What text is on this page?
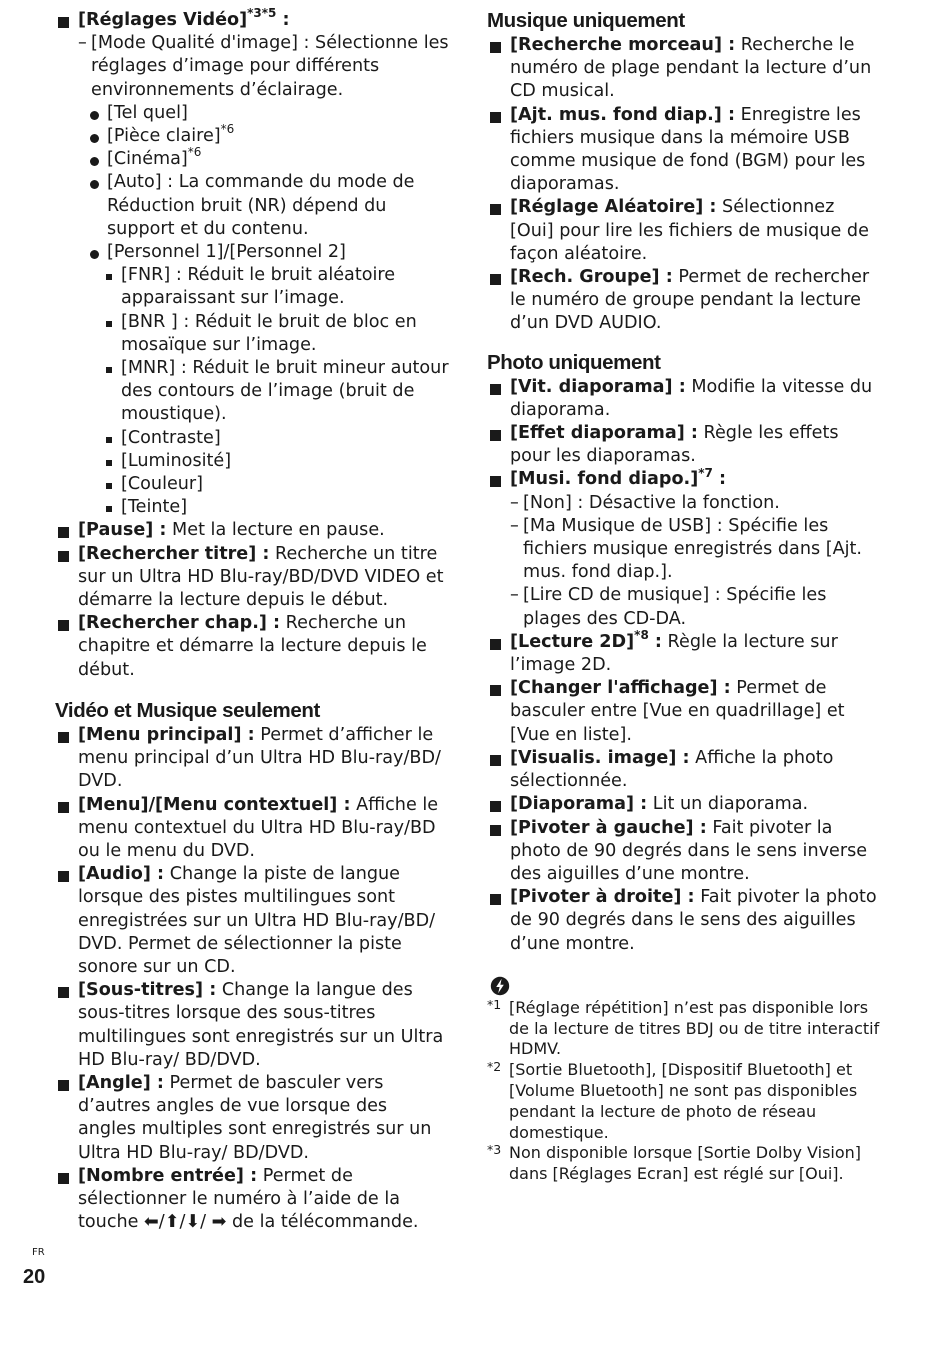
[Réglages Vidéo]$^{*3*5}$ :
– [Mode Qualité d'image] : Sélectionne les réglages d’image pour différents environnements d’éclairage.
[Tel quel]
[Pièce claire]$^{*6}$
[Cinéma]$^{*6}$
[Auto] : La commande du mode de Réduction bruit (NR) dépend du support et du contenu.
[Personnel 1]/[Personnel 2]
[FNR] : Réduit le bruit aléatoire apparaissant sur l’image.
[BNR ] : Réduit le bruit de bloc en mosaïque sur l’image.
[MNR] : Réduit le bruit mineur autour des contours de l’image (bruit de moustique).
[Contraste]
[Luminosité]
[Couleur]
[Teinte]
[Pause] : Met la lecture en pause.
[Rechercher titre] : Recherche un titre sur un Ultra HD Blu-ray/BD/DVD VIDEO et démarre la lecture depuis le début.
[Rechercher chap.] : Recherche un chapitre et démarre la lecture depuis le début.
Vidéo et Musique seulement
[Menu principal] : Permet d’afficher le menu principal d’un Ultra HD Blu-ray/BD/ DVD.
[Menu]/[Menu contextuel] : Affiche le menu contextuel du Ultra HD Blu-ray/BD ou le menu du DVD.
[Audio] : Change la piste de langue lorsque des pistes multilingues sont enregistrées sur un Ultra HD Blu-ray/BD/ DVD. Permet de sélectionner la piste sonore sur un CD.
[Sous-titres] : Change la langue des sous-titres lorsque des sous-titres multilingues sont enregistrés sur un Ultra HD Blu-ray/ BD/DVD.
[Angle] : Permet de basculer vers d’autres angles de vue lorsque des angles multiples sont enregistrés sur un Ultra HD Blu-ray/ BD/DVD.
[Nombre entrée] : Permet de sélectionner le numéro à l’aide de la touche ⬅/⬆/⬇/ ➡ de la télécommande.
Musique uniquement
[Recherche morceau] : Recherche le numéro de plage pendant la lecture d’un CD musical.
[Ajt. mus. fond diap.] : Enregistre les fichiers musique dans la mémoire USB comme musique de fond (BGM) pour les diaporamas.
[Réglage Aléatoire] : Sélectionnez [Oui] pour lire les fichiers de musique de façon aléatoire.
[Rech. Groupe] : Permet de rechercher le numéro de groupe pendant la lecture d’un DVD AUDIO.
Photo uniquement
[Vit. diaporama] : Modifie la vitesse du diaporama.
[Effet diaporama] : Règle les effets pour les diaporamas.
[Musi. fond diapo.]$^{*7}$ :
– [Non] : Désactive la fonction.
– [Ma Musique de USB] : Spécifie les fichiers musique enregistrés dans [Ajt. mus. fond diap.].
– [Lire CD de musique] : Spécifie les plages des CD-DA.
[Lecture 2D]$^{*8}$ : Règle la lecture sur l’image 2D.
[Changer l'affichage] : Permet de basculer entre [Vue en quadrillage] et [Vue en liste].
[Visualis. image] : Affiche la photo sélectionnée.
[Diaporama] : Lit un diaporama.
[Pivoter à gauche] : Fait pivoter la photo de 90 degrés dans le sens inverse des aiguilles d’une montre.
[Pivoter à droite] : Fait pivoter la photo de 90 degrés dans le sens des aiguilles d’une montre.
*1 [Réglage répétition] n’est pas disponible lors de la lecture de titres BDJ ou de titre interactif HDMV.
*2 [Sortie Bluetooth], [Dispositif Bluetooth] et [Volume Bluetooth] ne sont pas disponibles pendant la lecture de photo de réseau domestique.
*3 Non disponible lorsque [Sortie Dolby Vision] dans [Réglages Ecran] est réglé sur [Oui].
FR
20
